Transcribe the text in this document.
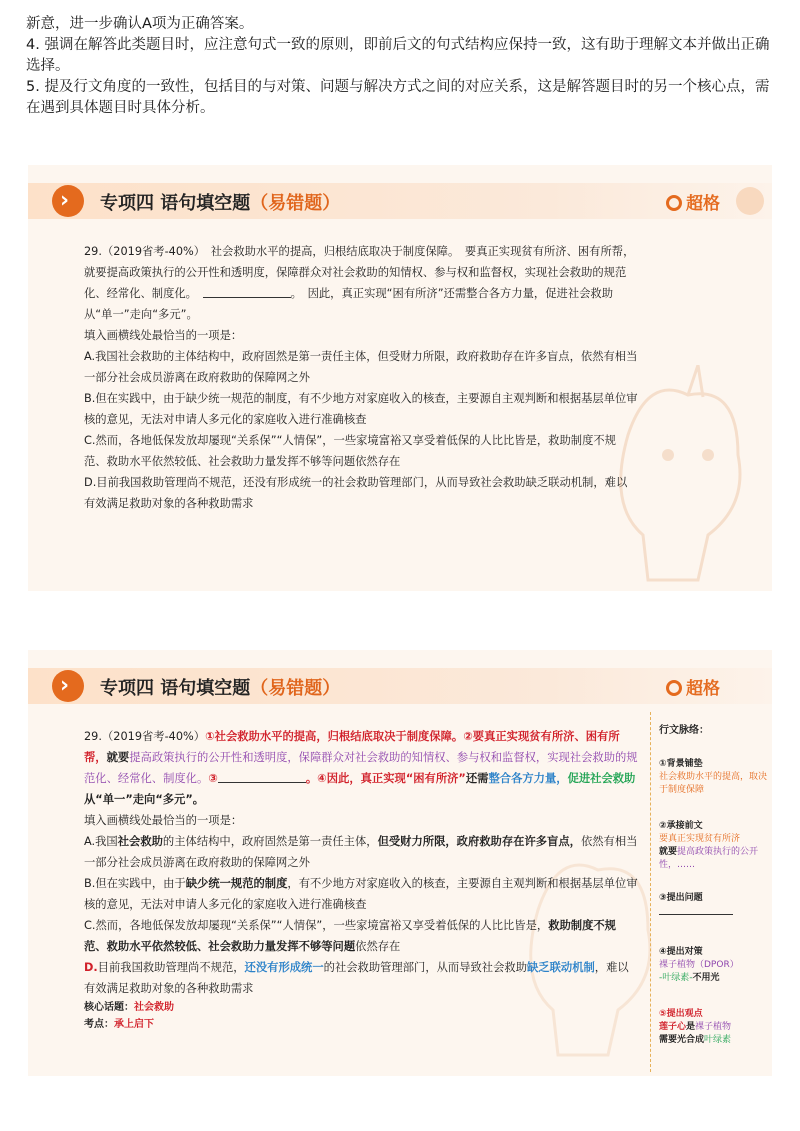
新意，进一步确认A项为正确答案。

4. 强调在解答此类题目时，应注意句式一致的原则，即前后文的句式结构应保持一致，这有助于理解文本并做出正确选择。

5. 提及行文角度的一致性，包括目的与对策、问题与解决方式之间的对应关系，这是解答题目时的另一个核心点，需在遇到具体题目时具体分析。

› 专项四 语句填空题（易错题）	超格

29.（2019省考-40%）　社会救助水平的提高，归根结底取决于制度保障。　要真正实现贫有所济、困有所帮，就要提高政策执行的公开性和透明度，保障群众对社会救助的知情权、参与权和监督权，实现社会救助的规范化、经常化、制度化。　	。　因此，真正实现“困有所济”还需整合各方力量，促进社会救助从“单一”走向“多元”。

填入画横线处最恰当的一项是：

A.我国社会救助的主体结构中，政府固然是第一责任主体，但受财力所限，政府救助存在许多盲点，依然有相当一部分社会成员游离在政府救助的保障网之外

B.但在实践中，由于缺少统一规范的制度，有不少地方对家庭收入的核查，主要源自主观判断和根据基层单位审核的意见，无法对申请人多元化的家庭收入进行准确核查

C.然而，各地低保发放却屡现“关系保”“人情保”，一些家境富裕又享受着低保的人比比皆是，救助制度不规范、救助水平依然较低、社会救助力量发挥不够等问题依然存在

D.目前我国救助管理尚不规范，还没有形成统一的社会救助管理部门，从而导致社会救助缺乏联动机制，难以有效满足救助对象的各种救助需求

› 专项四 语句填空题（易错题）	超格

29.（2019省考-40%）①社会救助水平的提高，归根结底取决于制度保障。②要真正实现贫有所济、困有所帮，就要提高政策执行的公开性和透明度，保障群众对社会救助的知情权、参与权和监督权，实现社会救助的规范化、经常化、制度化。③	。④因此，真正实现“困有所济”还需整合各方力量，促进社会救助从“单一”走向“多元”。

填入画横线处最恰当的一项是：

A.我国社会救助的主体结构中，政府固然是第一责任主体，但受财力所限，政府救助存在许多盲点，依然有相当一部分社会成员游离在政府救助的保障网之外

B.但在实践中，由于缺少统一规范的制度，有不少地方对家庭收入的核查，主要源自主观判断和根据基层单位审核的意见，无法对申请人多元化的家庭收入进行准确核查

C.然而，各地低保发放却屡现“关系保”“人情保”，一些家境富裕又享受着低保的人比比皆是，救助制度不规范、救助水平依然较低、社会救助力量发挥不够等问题依然存在

D.目前我国救助管理尚不规范，还没有形成统一的社会救助管理部门，从而导致社会救助缺乏联动机制，难以有效满足救助对象的各种救助需求

核心话题：社会救助

考点：承上启下

行文脉络：
①背景铺垫
社会救助水平的提高，取决于制度保障
②承接前文
要真正实现贫有所济
就要提高政策执行的公开性，……
③提出问题
④提出对策
裸子植物（DPOR）
-叶绿素-不用光
⑤提出观点
莲子心是裸子植物
需要光合成叶绿素
